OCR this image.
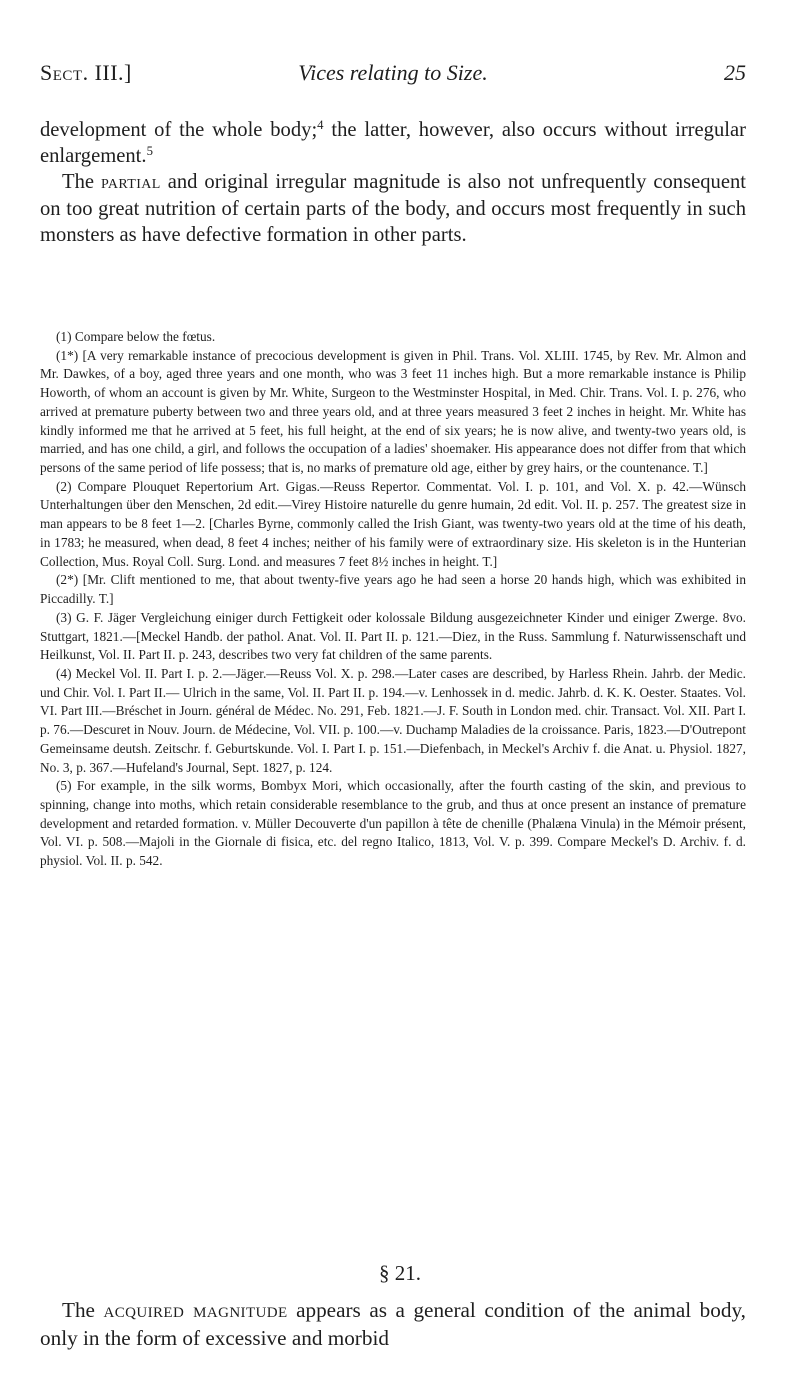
Sect. III.]	Vices relating to Size.	25

development of the whole body;$^4$ the latter, however, also occurs without irregular enlargement.$^5$

The partial and original irregular magnitude is also not unfrequently consequent on too great nutrition of certain parts of the body, and occurs most frequently in such monsters as have defective formation in other parts.

(1) Compare below the fœtus.

(1*) [A very remarkable instance of precocious development is given in Phil. Trans. Vol. XLIII. 1745, by Rev. Mr. Almon and Mr. Dawkes, of a boy, aged three years and one month, who was 3 feet 11 inches high. But a more remarkable instance is Philip Howorth, of whom an account is given by Mr. White, Surgeon to the Westminster Hospital, in Med. Chir. Trans. Vol. I. p. 276, who arrived at premature puberty between two and three years old, and at three years measured 3 feet 2 inches in height. Mr. White has kindly informed me that he arrived at 5 feet, his full height, at the end of six years; he is now alive, and twenty-two years old, is married, and has one child, a girl, and follows the occupation of a ladies' shoemaker. His appearance does not differ from that which persons of the same period of life possess; that is, no marks of premature old age, either by grey hairs, or the countenance. T.]

(2) Compare Plouquet Repertorium Art. Gigas.—Reuss Repertor. Commentat. Vol. I. p. 101, and Vol. X. p. 42.—Wünsch Unterhaltungen über den Menschen, 2d edit.—Virey Histoire naturelle du genre humain, 2d edit. Vol. II. p. 257. The greatest size in man appears to be 8 feet 1—2. [Charles Byrne, commonly called the Irish Giant, was twenty-two years old at the time of his death, in 1783; he measured, when dead, 8 feet 4 inches; neither of his family were of extraordinary size. His skeleton is in the Hunterian Collection, Mus. Royal Coll. Surg. Lond. and measures 7 feet 8½ inches in height. T.]

(2*) [Mr. Clift mentioned to me, that about twenty-five years ago he had seen a horse 20 hands high, which was exhibited in Piccadilly. T.]

(3) G. F. Jäger Vergleichung einiger durch Fettigkeit oder kolossale Bildung ausgezeichneter Kinder und einiger Zwerge. 8vo. Stuttgart, 1821.—[Meckel Handb. der pathol. Anat. Vol. II. Part II. p. 121.—Diez, in the Russ. Sammlung f. Naturwissenschaft und Heilkunst, Vol. II. Part II. p. 243, describes two very fat children of the same parents.

(4) Meckel Vol. II. Part I. p. 2.—Jäger.—Reuss Vol. X. p. 298.—Later cases are described, by Harless Rhein. Jahrb. der Medic. und Chir. Vol. I. Part II.— Ulrich in the same, Vol. II. Part II. p. 194.—v. Lenhossek in d. medic. Jahrb. d. K. K. Oester. Staates. Vol. VI. Part III.—Bréschet in Journ. général de Médec. No. 291, Feb. 1821.—J. F. South in London med. chir. Transact. Vol. XII. Part I. p. 76.—Descuret in Nouv. Journ. de Médecine, Vol. VII. p. 100.—v. Duchamp Maladies de la croissance. Paris, 1823.—D'Outrepont Gemeinsame deutsh. Zeitschr. f. Geburtskunde. Vol. I. Part I. p. 151.—Diefenbach, in Meckel's Archiv f. die Anat. u. Physiol. 1827, No. 3, p. 367.—Hufeland's Journal, Sept. 1827, p. 124.

(5) For example, in the silk worms, Bombyx Mori, which occasionally, after the fourth casting of the skin, and previous to spinning, change into moths, which retain considerable resemblance to the grub, and thus at once present an instance of premature development and retarded formation. v. Müller Decouverte d'un papillon à tête de chenille (Phalæna Vinula) in the Mémoir présent, Vol. VI. p. 508.—Majoli in the Giornale di fisica, etc. del regno Italico, 1813, Vol. V. p. 399. Compare Meckel's D. Archiv. f. d. physiol. Vol. II. p. 542.

§ 21.

The acquired magnitude appears as a general condition of the animal body, only in the form of excessive and morbid
